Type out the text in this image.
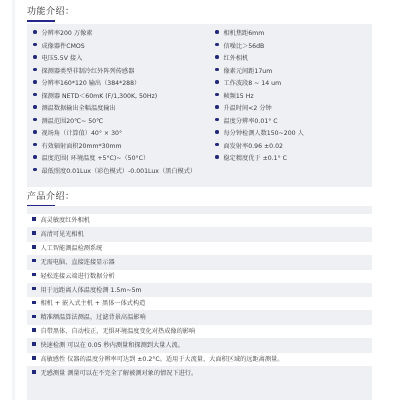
功能介绍：
分辨率200 万像素
成像器件CMOS
电压5.5V 接入
探测器类型非制冷红外阵列传感器
分辨率160*120 输出（384*288）
探测器 NETD＜60mK (F/1,300K, 50Hz)
测温数据输出全幅温度输出
测温范围20℃~ 50℃
视场角（计算值）40° × 30°
有效辐射面积20mm*30mm
温度范围( 环境温度 +5°C)~（50°C）
最低照度0.01Lux（彩色模式）-0.001Lux（黑白模式）
相机焦距6mm
信噪比＞56dB
红外相机
像素元间距17um
工作波段8 ~ 14 um
帧频15 Hz
升温时间<2 分钟
温度分辨率0.01° C
每分钟检测人数150~200 人
面发射率0.96 ±0.02
稳定精度优于 ±0.1° C
产品介绍：
高灵敏度红外相机
高清可见光相机
人工智能测温检测系统
无需电脑、直接连接显示器
轻松连接云端进行数据分析
用于远距离人体温度检测 1.5m~5m
相机 + 嵌入式主机 + 黑体一体式构造
精准额温算法测温，过滤背景高温影响
自带黑体、自动校正，无惧环境温度变化对热成像的影响
快速检测 可以在 0.05 秒内测量和探测到大量人流。
高敏感性 仪器的温度分辨率可达到 ±0.2°C。适用于大流量、大面积区域的远距离测量。
无感测量 测量可以在不完全了解被测对象的情况下进行。
